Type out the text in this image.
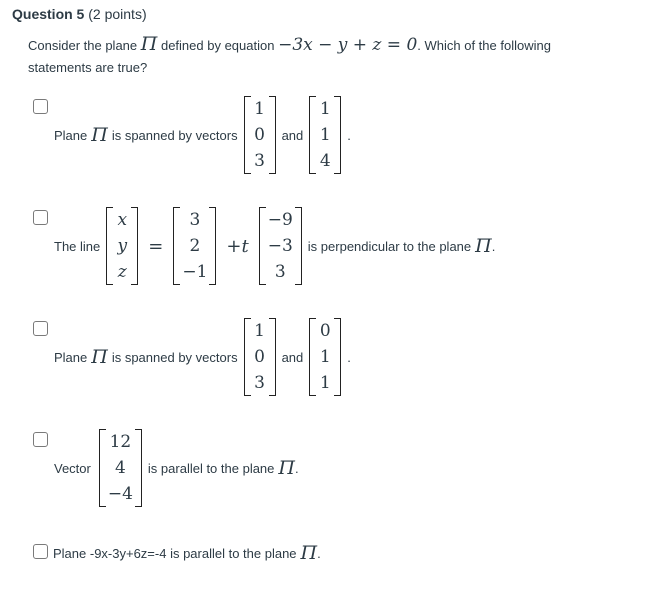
Question 5 (2 points)
Consider the plane Π defined by equation −3x − y + z = 0. Which of the following statements are true?
Plane Π is spanned by vectors
1
0
3
and
1
1
4
.
The line
x
y
z
=
3
2
−1
+t
−9
−3
3
is perpendicular to the plane Π .
Plane Π is spanned by vectors
1
0
3
and
0
1
1
.
Vector
12
4
−4
is parallel to the plane Π .
Plane -9x-3y+6z=-4 is parallel to the plane Π .
